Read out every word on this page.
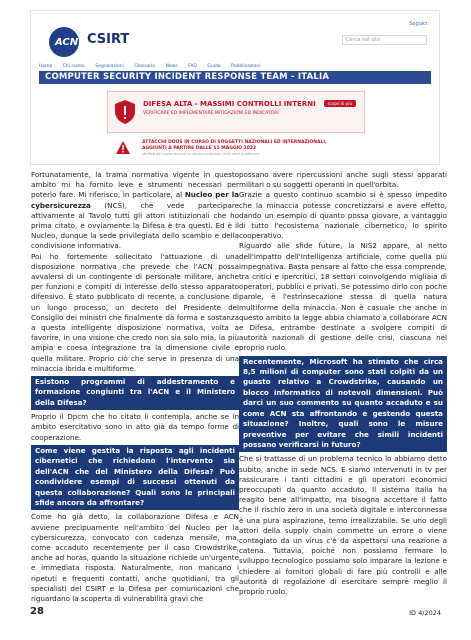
ACN CSIRT
Seguici:
Cerca nel sito
Home Chi siamo Segnalazioni Glossario News FAQ Guide Pubblicazioni
COMPUTER SECURITY INCIDENT RESPONSE TEAM - ITALIA
DIFESA ALTA - MASSIMI CONTROLLI INTERNI
VERIFICARE ED IMPLEMENTARE MITIGAZIONI ED INDICATORI
scopri di più
ATTACCHI DDOS IN CORSO DI SOGGETTI NAZIONALI ED INTERNAZIONALI, AGGIUNTI A PARTIRE DALLE 11 MAGGIO 2022
Verifica ed implementare le raccomandazioni delle alert pubblicate

Fortunatamente, la trama normativa vigente in questo ambito mi ha fornito leve e strumenti necessari per poterlo fare. Mi riferisco, in particolare, al Nucleo per la cybersicurezza (NCS), che vede partecipare attivamente al Tavolo tutti gli attori istituzionali che ho prima citato, e ovviamente la Difesa è tra questi. Ed è il Nucleo, dunque la sede privilegiata dello scambio e della condivisione informativa.

Poi ho fortemente sollecitato l'attuazione di una disposizione normativa che prevede che l'ACN possa avvalersi di un contingente di personale militare, anche per funzioni e compiti di interesse dello stesso apparato difensivo. È stato pubblicato di recente, a conclusione di un lungo processo, un decreto del Presidente del Consiglio dei ministri che finalmente dà forma e sostanza a questa intelligente disposizione normativa, volta a favorire, in una visione che credo non sia solo mia, la più ampia e coesa integrazione tra la dimensione civile e quella militare. Proprio ciò che serve in presenza di una minaccia ibrida e multiforme.

Esistono programmi di addestramento e formazione congiunti tra l'ACN e il Ministero della Difesa?

Proprio il Dpcm che ho citato li contempla, anche se in ambito esercitativo sono in atto già da tempo forme di cooperazione.

Come viene gestita la risposta agli incidenti cibernetici che richiedono l'intervento sia dell'ACN che del Ministero della Difesa? Può condividere esempi di successi ottenuti da questa collaborazione? Quali sono le principali sfide ancora da affrontare?

Come ho già detto, la collaborazione Difesa e ACN avviene precipuamente nell'ambito del Nucleo per la cybersicurezza, convocato con cadenza mensile, ma, come accaduto recentemente per il caso Crowdstrike, anche ad horas, quando la situazione richiede un'urgente e immediata risposta. Naturalmente, non mancano i ripetuti e frequenti contatti, anche quotidiani, tra gli specialisti del CSIRT e la Difesa per comunicazioni che riguardano la scoperta di vulnerabilità gravi che

possano avere ripercussioni anche sugli stessi apparati militari o su soggetti operanti in quell'orbita.

Grazie a questo continuo scambio si è spesso impedito che la minaccia potesse concretizzarsi e avere effetto, dando un esempio di quanto possa giovare, a vantaggio di tutto l'ecosistema nazionale cibernetico, lo spirito cooperativo.

Riguardo alle sfide future, la NIS2 appare, al netto dell'impatto dell'Intelligenza artificiale, come quella più impegnativa. Basta pensare al fatto che essa comprende, tra critici e ipercritici, 18 settori coinvolgendo migliaia di operatori, pubblici e privati. Se potessimo dirlo con poche parole, è l'estrinsecazione stessa di quella natura multiforme della minaccia. Non è casuale che anche in questo ambito la legge abbia chiamato a collaborare ACN e Difesa, entrambe destinate a svolgere compiti di autorità nazionali di gestione delle crisi, ciascuna nel proprio ruolo.

Recentemente, Microsoft ha stimato che circa 8,5 milioni di computer sono stati colpiti da un guasto relativo a Crowdstrike, causando un blocco informatico di notevoli dimensioni. Può darci un suo commento su quanto accaduto e su come ACN sta affrontando e gestendo questa situazione? Inoltre, quali sono le misure preventive per evitare che simili incidenti possano verificarsi in futuro?

Che si trattasse di un problema tecnico lo abbiamo detto subito, anche in sede NCS. E siamo intervenuti in tv per rassicurare i tanti cittadini e gli operatori economici preoccupati da quanto accaduto. Il sistema Italia ha reagito bene all'impatto, ma bisogna accettare il fatto che il rischio zero in una società digitale e interconnessa è una pura aspirazione, temo irrealizzabile. Se uno degli attori della supply chain commette un errore o viene contagiato da un virus c'è da aspettarsi una reazione a catena. Tuttavia, poiché non possiamo fermare lo sviluppo tecnologico possiamo solo imparare la lezione e chiedere ai fornitori globali di fare più controlli e alle autorità di regolazione di esercitare sempre meglio il proprio ruolo.

28	ID 4/2024
